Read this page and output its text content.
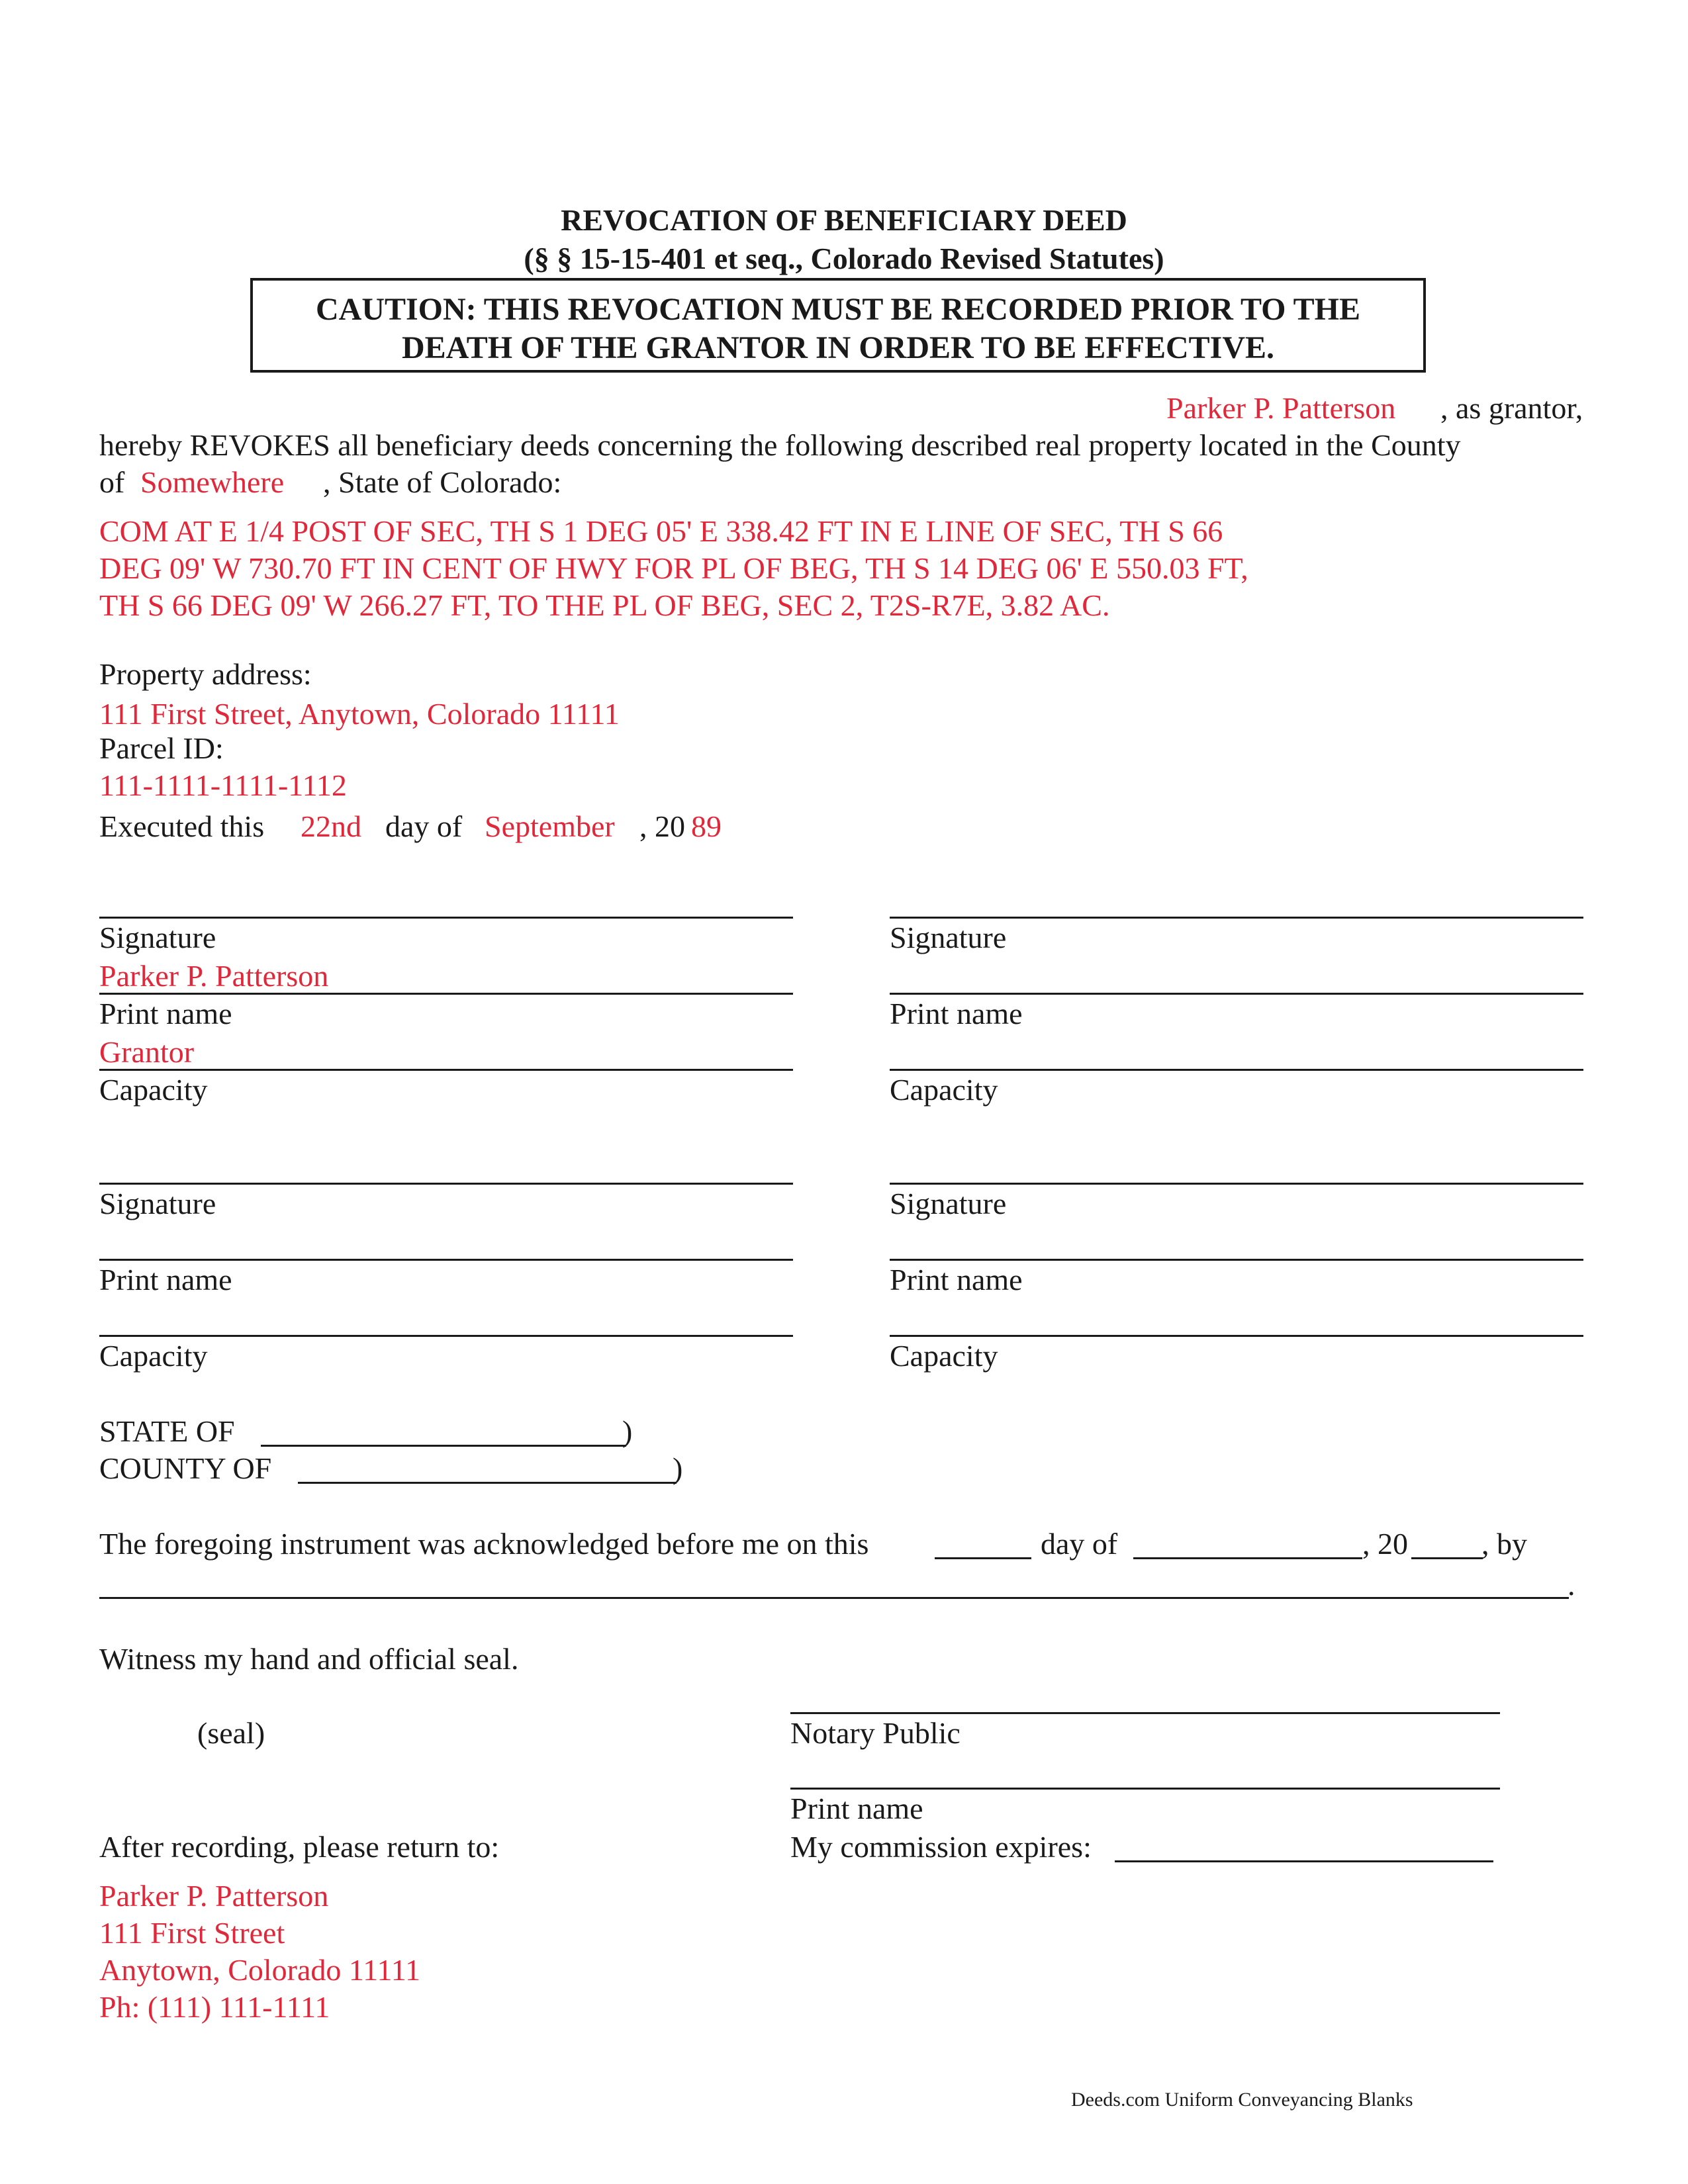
REVOCATION OF BENEFICIARY DEED
(§ § 15-15-401 et seq., Colorado Revised Statutes)
CAUTION: THIS REVOCATION MUST BE RECORDED PRIOR TO THE
DEATH OF THE GRANTOR IN ORDER TO BE EFFECTIVE.
Parker P. Patterson , as grantor,
hereby REVOKES all beneficiary deeds concerning the following described real property located in the County
of Somewhere , State of Colorado:
COM AT E 1/4 POST OF SEC, TH S 1 DEG 05' E 338.42 FT IN E LINE OF SEC, TH S 66
DEG 09' W 730.70 FT IN CENT OF HWY FOR PL OF BEG, TH S 14 DEG 06' E 550.03 FT,
TH S 66 DEG 09' W 266.27 FT, TO THE PL OF BEG, SEC 2, T2S-R7E, 3.82 AC.
Property address:
111 First Street, Anytown, Colorado 11111
Parcel ID:
111-1111-1111-1112
Executed this 22nd day of September , 20 89
Signature
Parker P. Patterson
Print name
Grantor
Capacity
Signature
Print name
Capacity
Signature
Print name
Capacity
Signature
Print name
Capacity
STATE OF	)
COUNTY OF	)
The foregoing instrument was acknowledged before me on this	day of	, 20 , by
.
Witness my hand and official seal.
(seal)	Notary Public
Print name
My commission expires:
After recording, please return to:
Parker P. Patterson
111 First Street
Anytown, Colorado 11111
Ph: (111) 111-1111
Deeds.com Uniform Conveyancing Blanks
